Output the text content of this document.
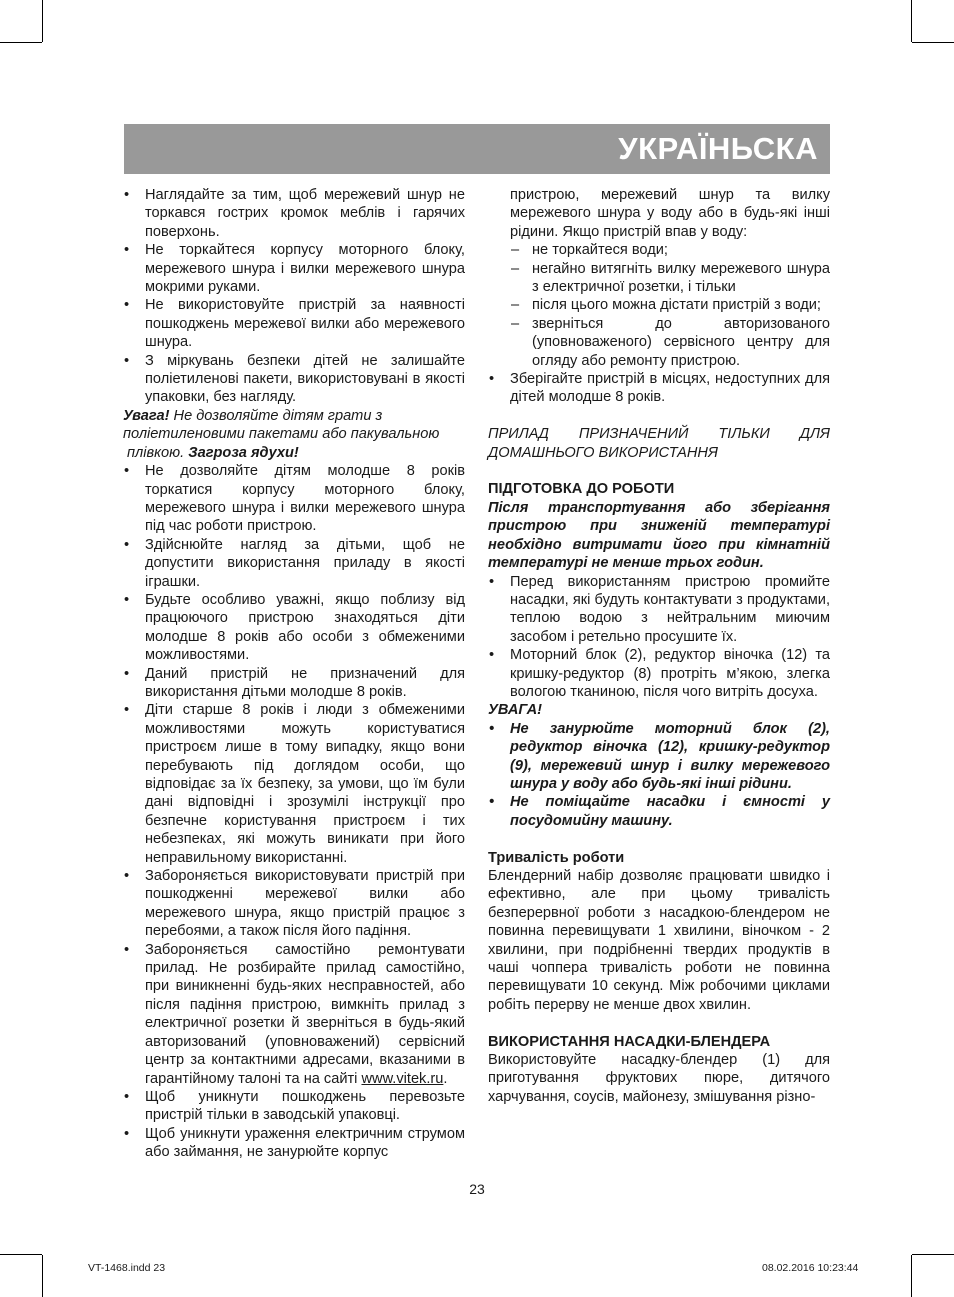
УКРАЇНЬСКА
• Наглядайте за тим, щоб мережевий шнур не торкався гострих кромок меблів і гарячих поверхонь.
• Не торкайтеся корпусу моторного блоку, мережевого шнура і вилки мережевого шнура мокрими руками.
• Не використовуйте пристрій за наявності пошкоджень мережевої вилки або мережевого шнура.
• З міркувань безпеки дітей не залишайте поліетиленові пакети, використовувані в якості упаковки, без нагляду.

Увага! Не дозволяйте дітям грати з поліетиленовими пакетами або пакувальною

плівкою. Загроза ядухи!

• Не дозволяйте дітям молодше 8 років торкатися корпусу моторного блоку, мережевого шнура і вилки мережевого шнура під час роботи пристрою.
• Здійснюйте нагляд за дітьми, щоб не допустити використання приладу в якості іграшки.
• Будьте особливо уважні, якщо поблизу від працюючого пристрою знаходяться діти молодше 8 років або особи з обмеженими можливостями.
• Даний пристрій не призначений для використання дітьми молодше 8 років.
• Діти старше 8 років і люди з обмеженими можливостями можуть користуватися пристроєм лише в тому випадку, якщо вони перебувають під доглядом особи, що відповідає за їх безпеку, за умови, що їм були дані відповідні і зрозумілі інструкції про безпечне користування пристроєм і тих небезпеках, які можуть виникати при його неправильному використанні.
• Забороняється використовувати пристрій при пошкодженні мережевої вилки або мережевого шнура, якщо пристрій працює з перебоями, а також після його падіння.
• Забороняється самостійно ремонтувати прилад. Не розбирайте прилад самостійно, при виникненні будь-яких несправностей, або після падіння пристрою, вимкніть прилад з електричної розетки й зверніться в будь-який авторизований (уповноважений) сервісний центр за контактними адресами, вказаними в гарантійному талоні та на сайті www.vitek.ru.
• Щоб уникнути пошкоджень перевозьте пристрій тільки в заводській упаковці.
• Щоб уникнути ураження електричним струмом або займання, не занурюйте корпус

пристрою, мережевий шнур та вилку мережевого шнура у воду або в будь-які інші рідини. Якщо пристрій впав у воду:

– не торкайтеся води;
– негайно витягніть вилку мережевого шнура з електричної розетки, і тільки
– після цього можна дістати пристрій з води;
– зверніться до авторизованого (уповноваженого) сервісного центру для огляду або ремонту пристрою.
• Зберігайте пристрій в місцях, недоступних для дітей молодше 8 років.

ПРИЛАД ПРИЗНАЧЕНИЙ ТІЛЬКИ ДЛЯ ДОМАШНЬОГО ВИКОРИСТАННЯ

ПІДГОТОВКА ДО РОБОТИ

Після транспортування або зберігання пристрою при зниженій температурі необхідно витримати його при кімнатній температурі не менше трьох годин.

• Перед використанням пристрою промийте насадки, які будуть контактувати з продуктами, теплою водою з нейтральним миючим засобом і ретельно просушите їх.
• Моторний блок (2), редуктор віночка (12) та кришку-редуктор (8) протріть м’якою, злегка вологою тканиною, після чого витріть досуха.

УВАГА!

• Не занурюйте моторний блок (2), редуктор віночка (12), кришку-редуктор (9), мережевий шнур і вилку мережевого шнура у воду або будь-які інші рідини.
• Не поміщайте насадки і ємності у посудомийну машину.

Тривалість роботи

Блендерний набір дозволяє працювати швидко і ефективно, але при цьому тривалість безперервної роботи з насадкою-блендером не повинна перевищувати 1 хвилини, віночком - 2 хвилини, при подрібненні твердих продуктів в чаші чоппера тривалість роботи не повинна перевищувати 10 секунд. Між робочими циклами робіть перерву не менше двох хвилин.

ВИКОРИСТАННЯ НАСАДКИ-БЛЕНДЕРА

Використовуйте насадку-блендер (1) для приготування фруктових пюре, дитячого харчування, соусів, майонезу, змішування різно-

23
VT-1468.indd 23	08.02.2016 10:23:44
